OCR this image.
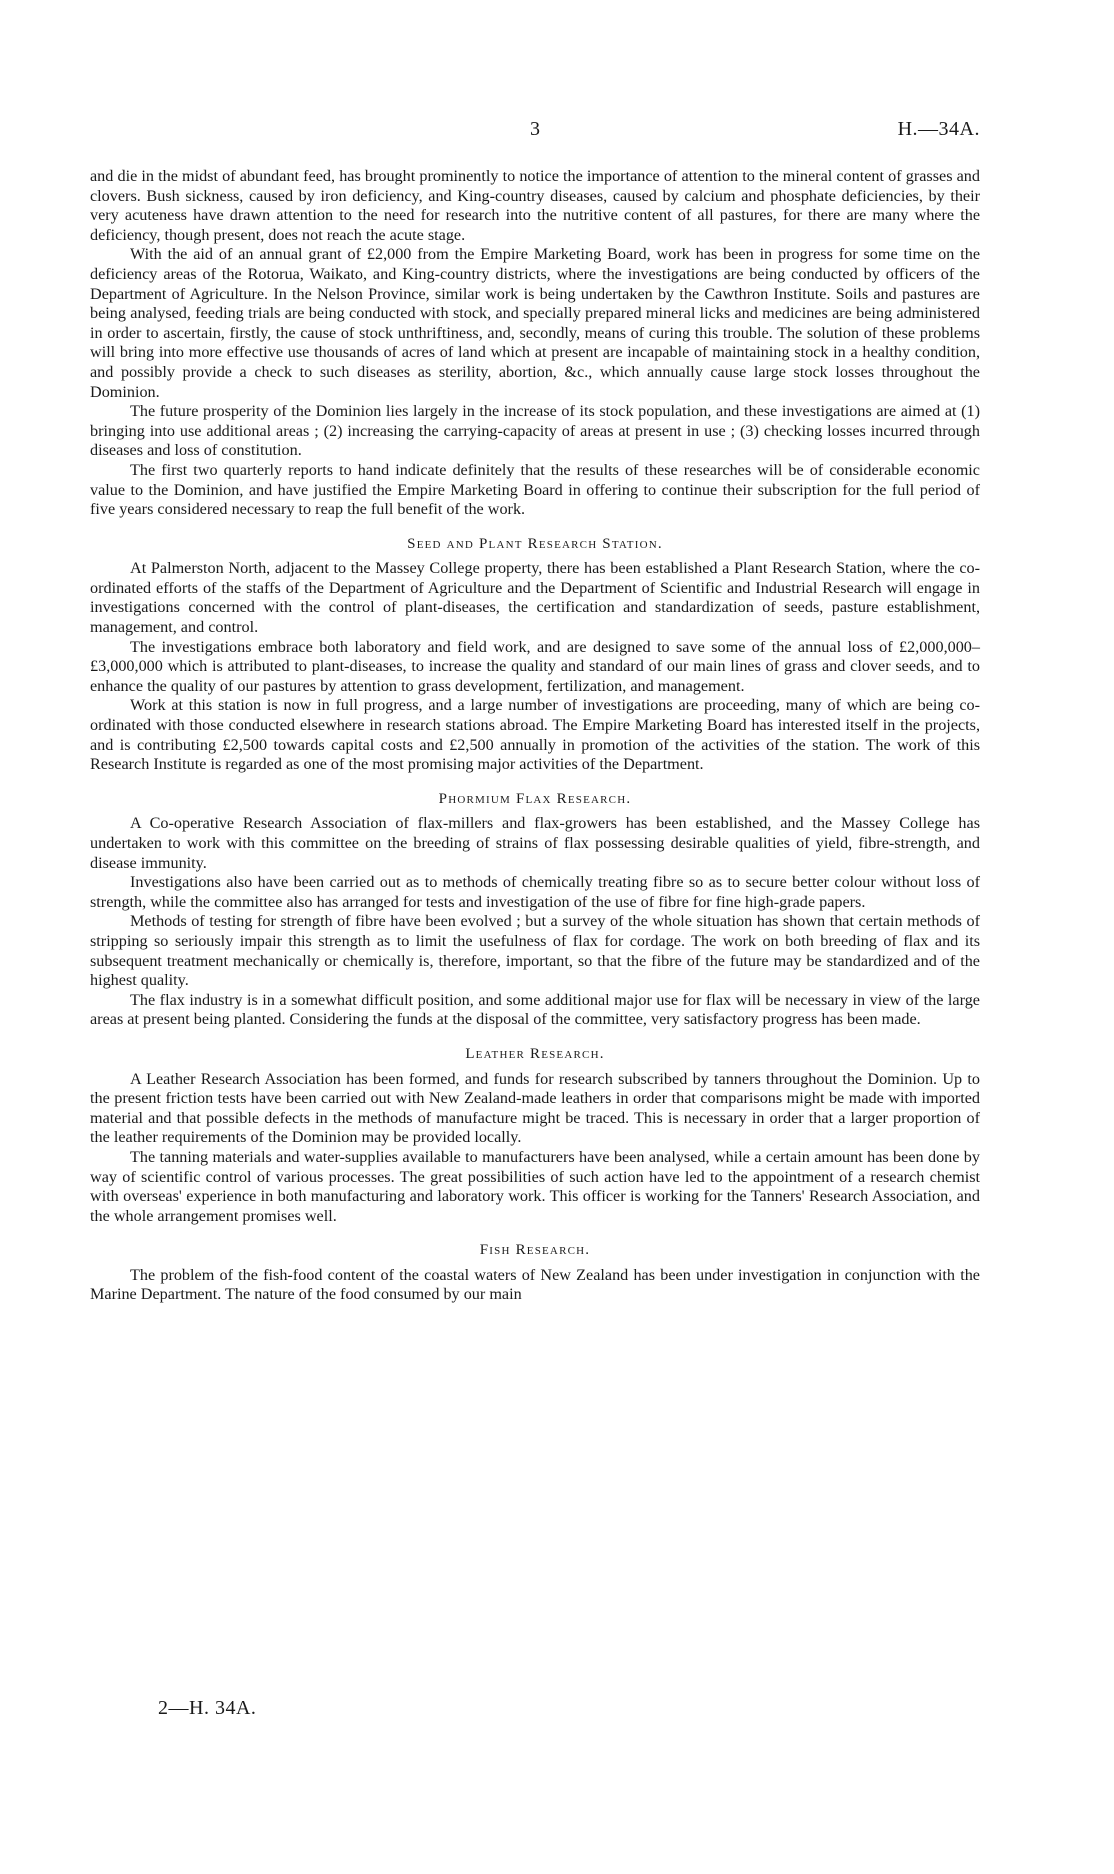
3	H.—34A.

and die in the midst of abundant feed, has brought prominently to notice the importance of attention to the mineral content of grasses and clovers. Bush sickness, caused by iron deficiency, and King-country diseases, caused by calcium and phosphate deficiencies, by their very acuteness have drawn attention to the need for research into the nutritive content of all pastures, for there are many where the deficiency, though present, does not reach the acute stage.

With the aid of an annual grant of £2,000 from the Empire Marketing Board, work has been in progress for some time on the deficiency areas of the Rotorua, Waikato, and King-country districts, where the investigations are being conducted by officers of the Department of Agriculture. In the Nelson Province, similar work is being undertaken by the Cawthron Institute. Soils and pastures are being analysed, feeding trials are being conducted with stock, and specially prepared mineral licks and medicines are being administered in order to ascertain, firstly, the cause of stock unthriftiness, and, secondly, means of curing this trouble. The solution of these problems will bring into more effective use thousands of acres of land which at present are incapable of maintaining stock in a healthy condition, and possibly provide a check to such diseases as sterility, abortion, &c., which annually cause large stock losses throughout the Dominion.

The future prosperity of the Dominion lies largely in the increase of its stock population, and these investigations are aimed at (1) bringing into use additional areas ; (2) increasing the carrying-capacity of areas at present in use ; (3) checking losses incurred through diseases and loss of constitution.

The first two quarterly reports to hand indicate definitely that the results of these researches will be of considerable economic value to the Dominion, and have justified the Empire Marketing Board in offering to continue their subscription for the full period of five years considered necessary to reap the full benefit of the work.

Seed and Plant Research Station.

At Palmerston North, adjacent to the Massey College property, there has been established a Plant Research Station, where the co-ordinated efforts of the staffs of the Department of Agriculture and the Department of Scientific and Industrial Research will engage in investigations concerned with the control of plant-diseases, the certification and standardization of seeds, pasture establishment, management, and control.

The investigations embrace both laboratory and field work, and are designed to save some of the annual loss of £2,000,000–£3,000,000 which is attributed to plant-diseases, to increase the quality and standard of our main lines of grass and clover seeds, and to enhance the quality of our pastures by attention to grass development, fertilization, and management.

Work at this station is now in full progress, and a large number of investigations are proceeding, many of which are being co-ordinated with those conducted elsewhere in research stations abroad. The Empire Marketing Board has interested itself in the projects, and is contributing £2,500 towards capital costs and £2,500 annually in promotion of the activities of the station. The work of this Research Institute is regarded as one of the most promising major activities of the Department.

Phormium Flax Research.

A Co-operative Research Association of flax-millers and flax-growers has been established, and the Massey College has undertaken to work with this committee on the breeding of strains of flax possessing desirable qualities of yield, fibre-strength, and disease immunity.

Investigations also have been carried out as to methods of chemically treating fibre so as to secure better colour without loss of strength, while the committee also has arranged for tests and investigation of the use of fibre for fine high-grade papers.

Methods of testing for strength of fibre have been evolved ; but a survey of the whole situation has shown that certain methods of stripping so seriously impair this strength as to limit the usefulness of flax for cordage. The work on both breeding of flax and its subsequent treatment mechanically or chemically is, therefore, important, so that the fibre of the future may be standardized and of the highest quality.

The flax industry is in a somewhat difficult position, and some additional major use for flax will be necessary in view of the large areas at present being planted. Considering the funds at the disposal of the committee, very satisfactory progress has been made.

Leather Research.

A Leather Research Association has been formed, and funds for research subscribed by tanners throughout the Dominion. Up to the present friction tests have been carried out with New Zealand-made leathers in order that comparisons might be made with imported material and that possible defects in the methods of manufacture might be traced. This is necessary in order that a larger proportion of the leather requirements of the Dominion may be provided locally.

The tanning materials and water-supplies available to manufacturers have been analysed, while a certain amount has been done by way of scientific control of various processes. The great possibilities of such action have led to the appointment of a research chemist with overseas' experience in both manufacturing and laboratory work. This officer is working for the Tanners' Research Association, and the whole arrangement promises well.

Fish Research.

The problem of the fish-food content of the coastal waters of New Zealand has been under investigation in conjunction with the Marine Department. The nature of the food consumed by our main

2—H. 34A.
